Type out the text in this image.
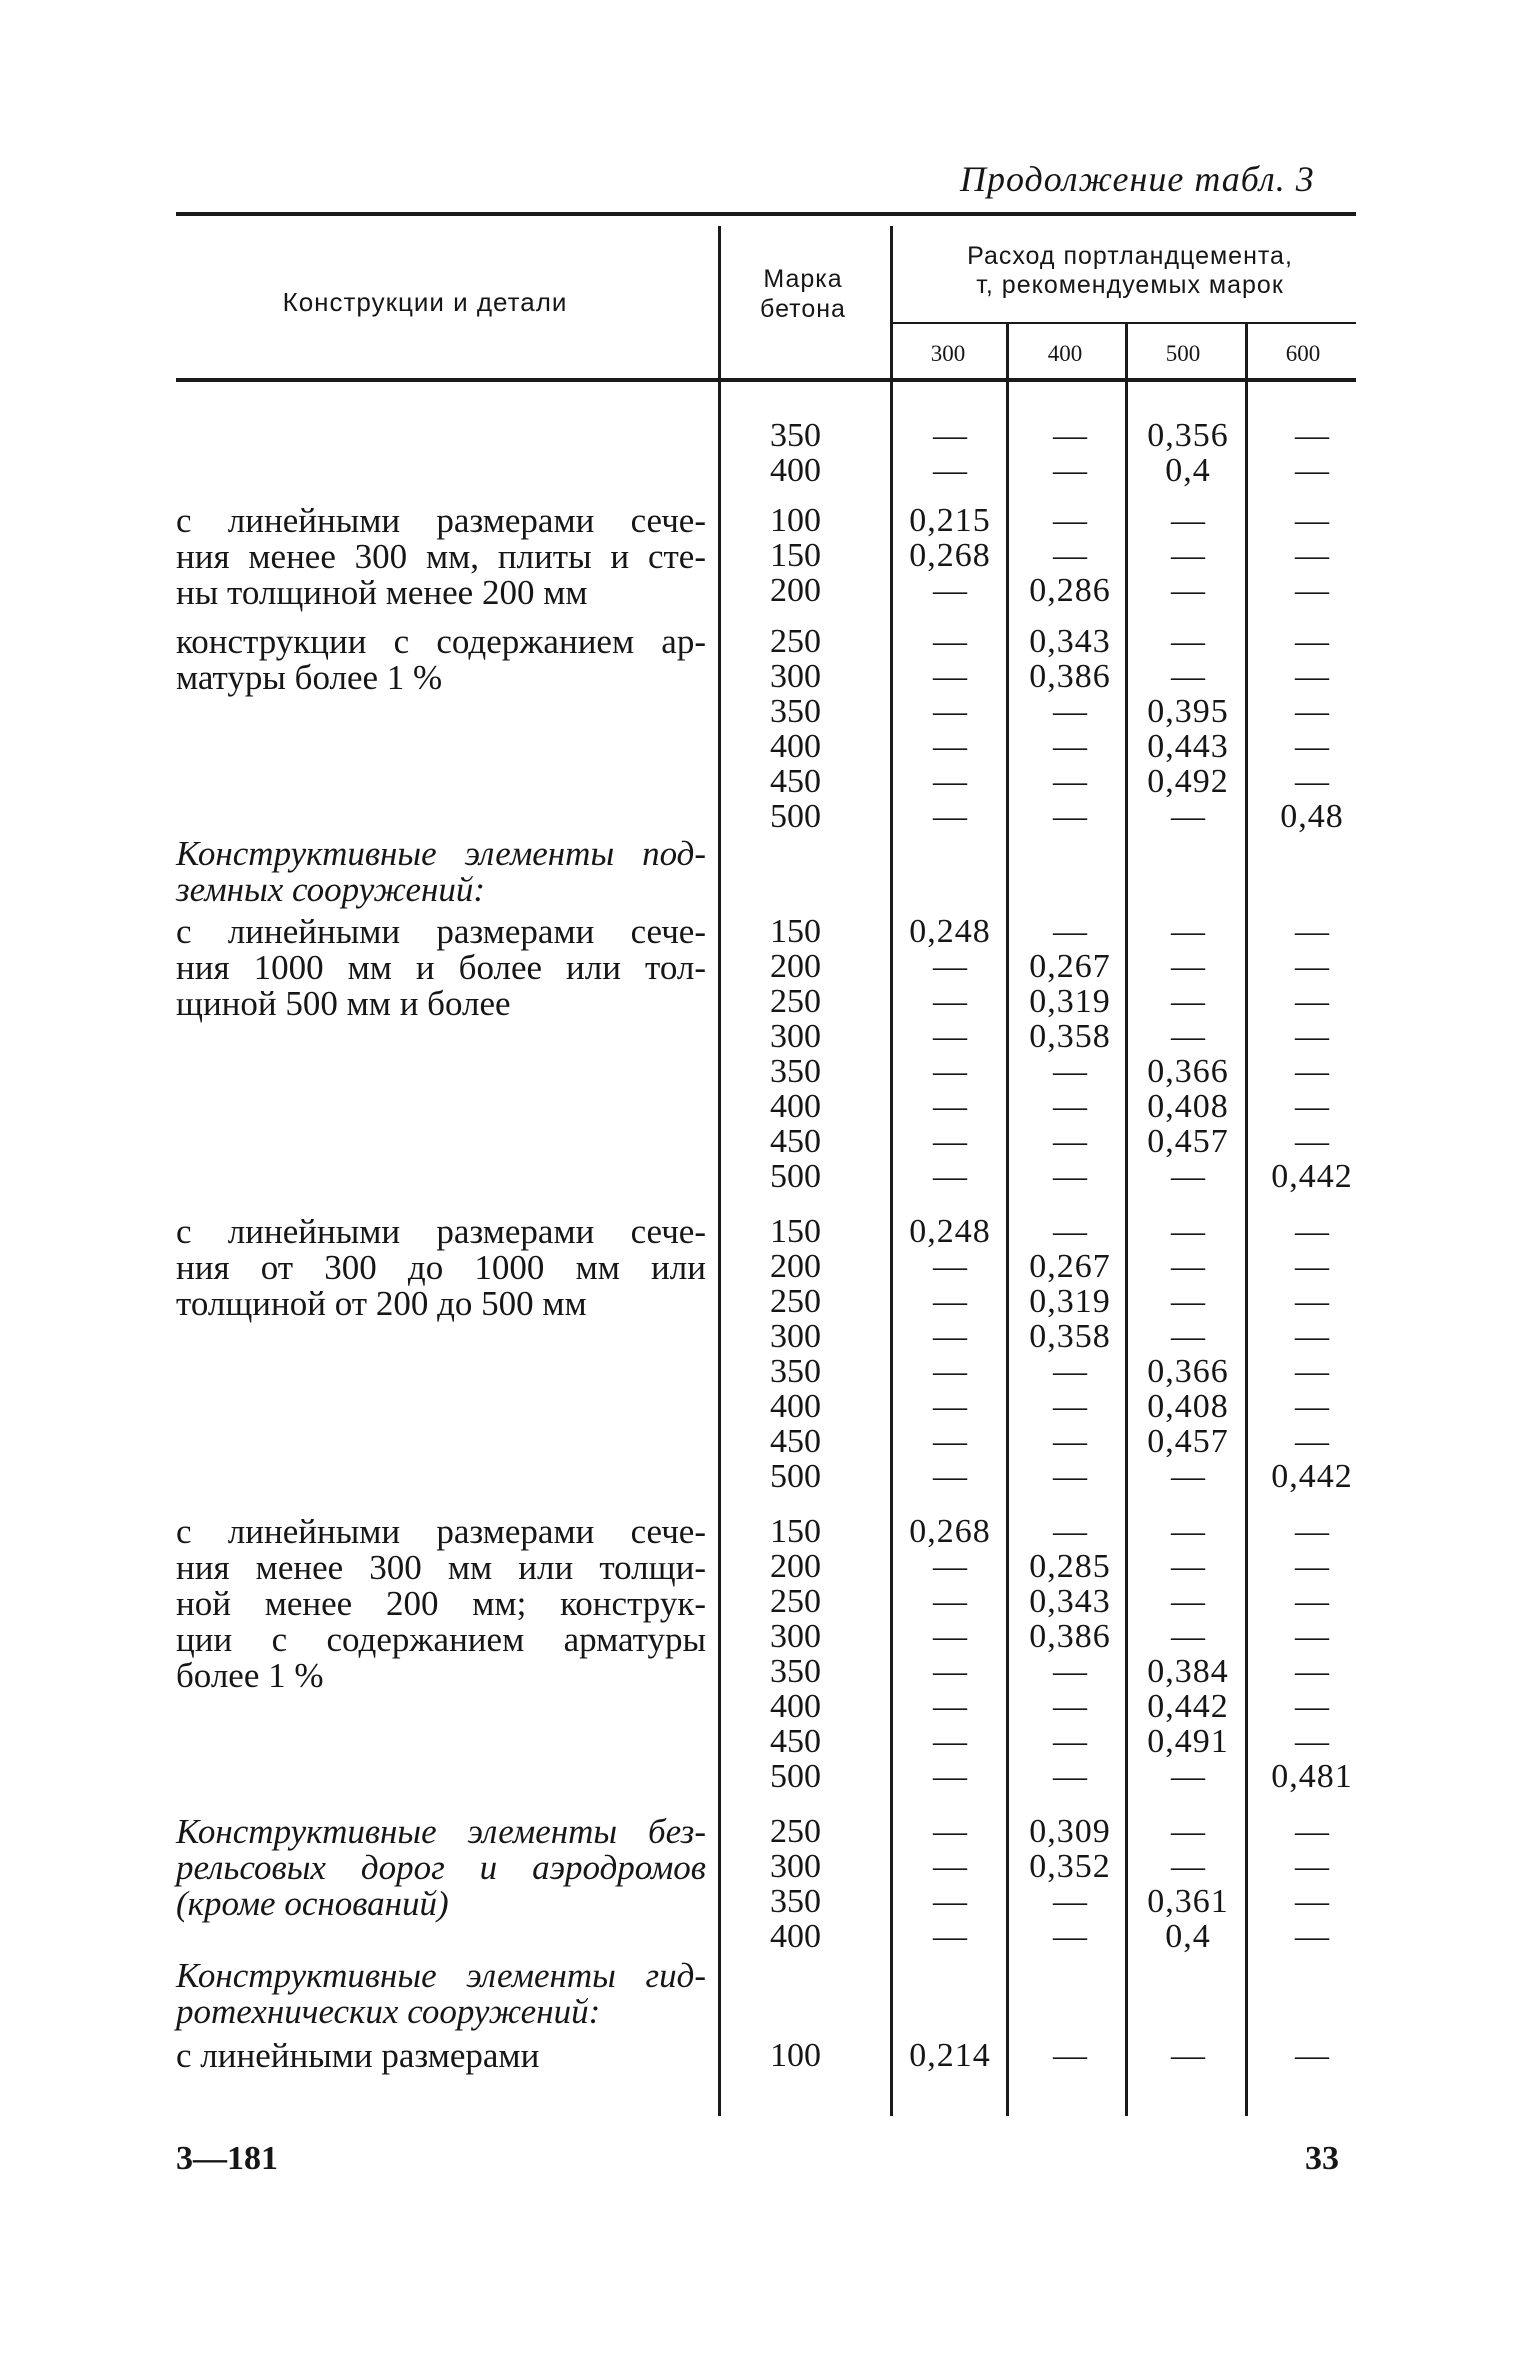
Продолжение табл. 3
Конструкции и детали
Марка
бетона
Расход портландцемента,
т, рекомендуемых марок
300	400	500	600
350	—	—	0,356	—
400	—	—	0,4	—
с линейными размерами сече-
ния менее 300 мм, плиты и сте-
ны толщиной менее 200 мм
100	0,215	—	—	—
150	0,268	—	—	—
200	—	0,286	—	—
конструкции с содержанием ар-
матуры более 1 %
250	—	0,343	—	—
300	—	0,386	—	—
350	—	—	0,395	—
400	—	—	0,443	—
450	—	—	0,492	—
500	—	—	—	0,48
Конструктивные элементы под-
земных сооружений:
с линейными размерами сече-
ния 1000 мм и более или тол-
щиной 500 мм и более
150	0,248	—	—	—
200	—	0,267	—	—
250	—	0,319	—	—
300	—	0,358	—	—
350	—	—	0,366	—
400	—	—	0,408	—
450	—	—	0,457	—
500	—	—	—	0,442
с линейными размерами сече-
ния от 300 до 1000 мм или
толщиной от 200 до 500 мм
150	0,248	—	—	—
200	—	0,267	—	—
250	—	0,319	—	—
300	—	0,358	—	—
350	—	—	0,366	—
400	—	—	0,408	—
450	—	—	0,457	—
500	—	—	—	0,442
с линейными размерами сече-
ния менее 300 мм или толщи-
ной менее 200 мм; конструк-
ции с содержанием арматуры
более 1 %
150	0,268	—	—	—
200	—	0,285	—	—
250	—	0,343	—	—
300	—	0,386	—	—
350	—	—	0,384	—
400	—	—	0,442	—
450	—	—	0,491	—
500	—	—	—	0,481
Конструктивные элементы без-
рельсовых дорог и аэродромов
(кроме оснований)
250	—	0,309	—	—
300	—	0,352	—	—
350	—	—	0,361	—
400	—	—	0,4	—
Конструктивные элементы гид-
ротехнических сооружений:
с линейными размерами	100	0,214	—	—	—
3—181	33
